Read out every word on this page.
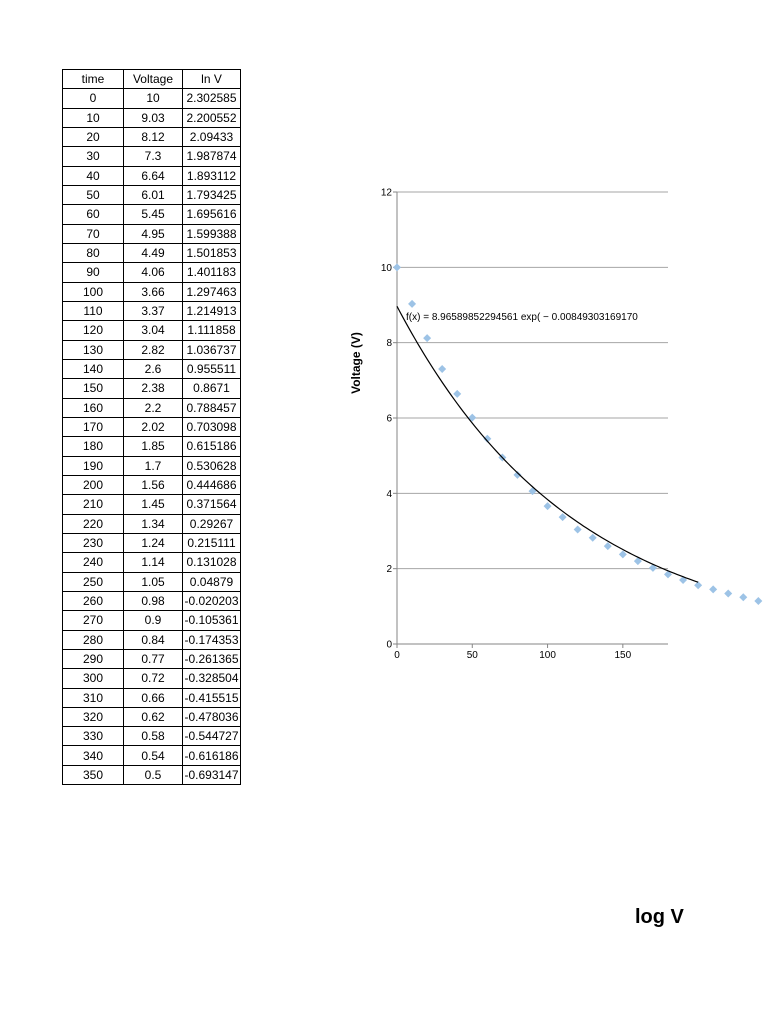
time	Voltage	ln V
0	10	2.302585
10	9.03	2.200552
20	8.12	2.09433
30	7.3	1.987874
40	6.64	1.893112
50	6.01	1.793425
60	5.45	1.695616
70	4.95	1.599388
80	4.49	1.501853
90	4.06	1.401183
100	3.66	1.297463
110	3.37	1.214913
120	3.04	1.111858
130	2.82	1.036737
140	2.6	0.955511
150	2.38	0.8671
160	2.2	0.788457
170	2.02	0.703098
180	1.85	0.615186
190	1.7	0.530628
200	1.56	0.444686
210	1.45	0.371564
220	1.34	0.29267
230	1.24	0.215111
240	1.14	0.131028
250	1.05	0.04879
260	0.98	-0.020203
270	0.9	-0.105361
280	0.84	-0.174353
290	0.77	-0.261365
300	0.72	-0.328504
310	0.66	-0.415515
320	0.62	-0.478036
330	0.58	-0.544727
340	0.54	-0.616186
350	0.5	-0.693147
0
2
4
6
8
10
12
0	50	100	150
Voltage (V)
f(x) = 8.96589852294561 exp( − 0.00849303169170
log V
